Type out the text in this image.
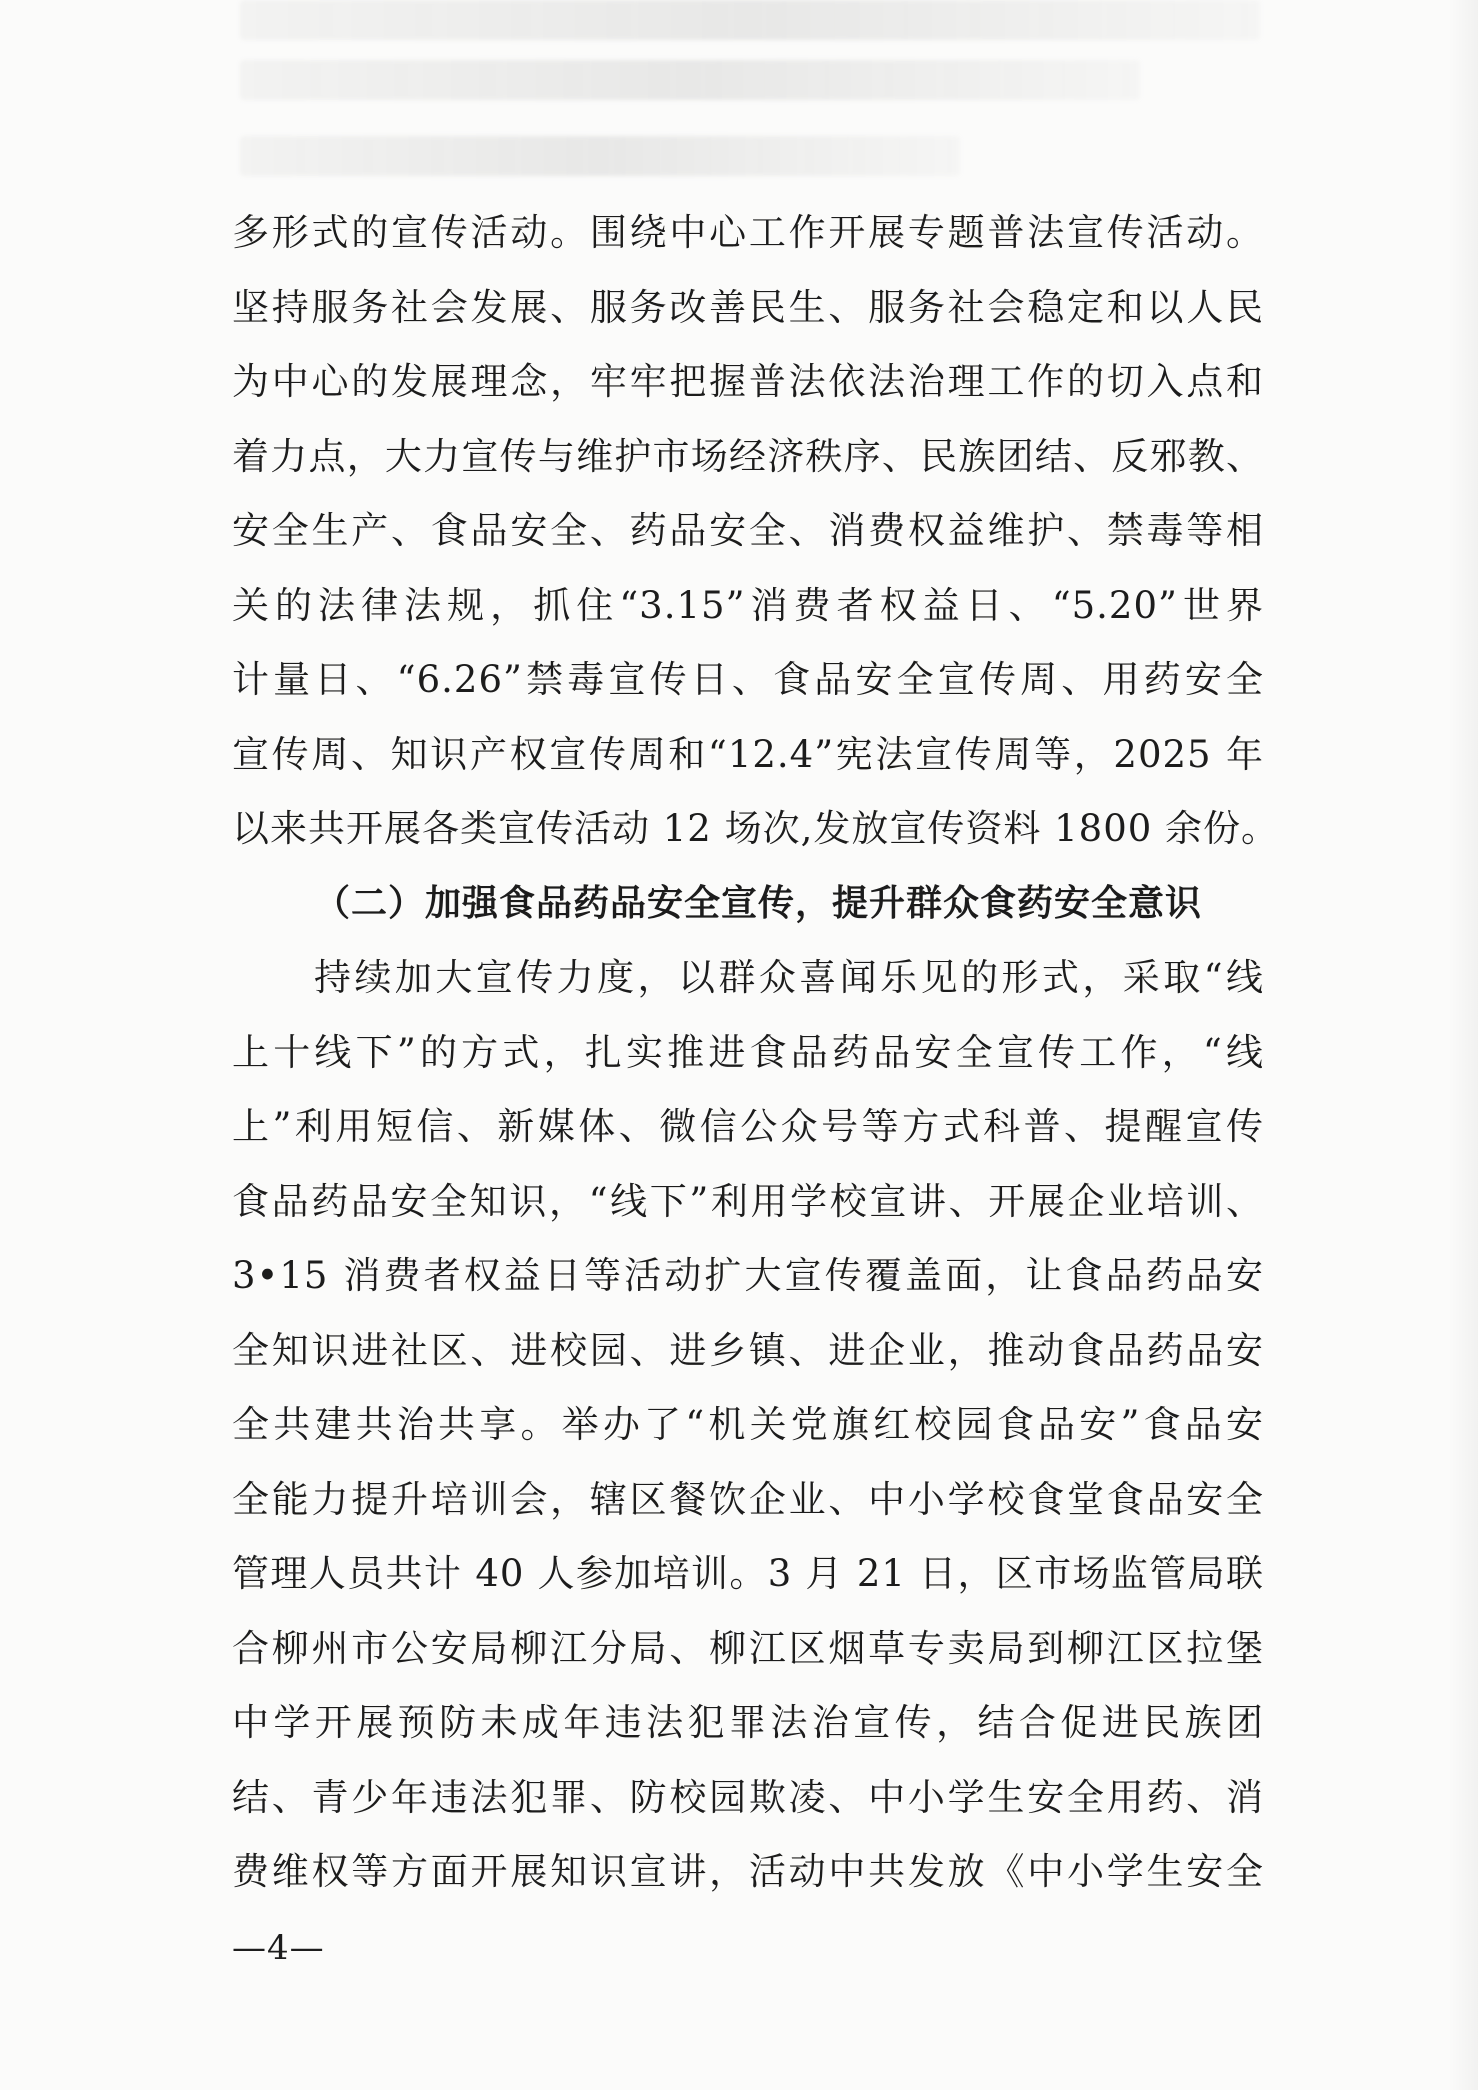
多形式的宣传活动。围绕中心工作开展专题普法宣传活动。
坚持服务社会发展、服务改善民生、服务社会稳定和以人民
为中心的发展理念，牢牢把握普法依法治理工作的切入点和
着力点，大力宣传与维护市场经济秩序、民族团结、反邪教、
安全生产、食品安全、药品安全、消费权益维护、禁毒等相
关的法律法规，抓住“3.15”消费者权益日、“5.20”世界
计量日、“6.26”禁毒宣传日、食品安全宣传周、用药安全
宣传周、知识产权宣传周和“12.4”宪法宣传周等，2025 年
以来共开展各类宣传活动 12 场次,发放宣传资料 1800 余份。
（二）加强食品药品安全宣传，提升群众食药安全意识
持续加大宣传力度，以群众喜闻乐见的形式，采取“线
上十线下”的方式，扎实推进食品药品安全宣传工作，“线
上”利用短信、新媒体、微信公众号等方式科普、提醒宣传
食品药品安全知识，“线下”利用学校宣讲、开展企业培训、
3•15 消费者权益日等活动扩大宣传覆盖面，让食品药品安
全知识进社区、进校园、进乡镇、进企业，推动食品药品安
全共建共治共享。举办了“机关党旗红校园食品安”食品安
全能力提升培训会，辖区餐饮企业、中小学校食堂食品安全
管理人员共计 40 人参加培训。3 月 21 日，区市场监管局联
合柳州市公安局柳江分局、柳江区烟草专卖局到柳江区拉堡
中学开展预防未成年违法犯罪法治宣传，结合促进民族团
结、青少年违法犯罪、防校园欺凌、中小学生安全用药、消
费维权等方面开展知识宣讲，活动中共发放《中小学生安全
—4—
